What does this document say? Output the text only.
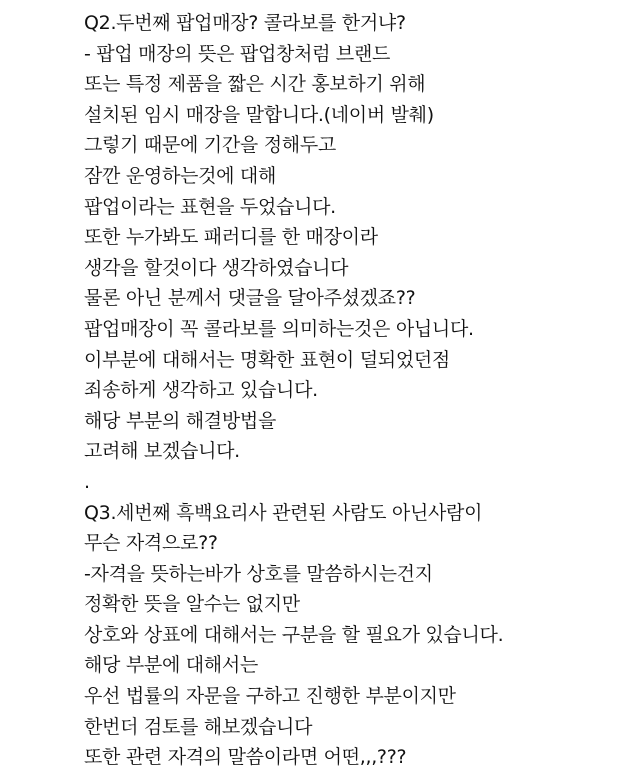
Q2.두번째 팝업매장? 콜라보를 한거냐?
- 팝업 매장의 뜻은 팝업창처럼 브랜드
또는 특정 제품을 짧은 시간 홍보하기 위해
설치된 임시 매장을 말합니다.(네이버 발췌)
그렇기 때문에 기간을 정해두고
잠깐 운영하는것에 대해
팝업이라는 표현을 두었습니다.
또한 누가봐도 패러디를 한 매장이라
생각을 할것이다 생각하였습니다
물론 아닌 분께서 댓글을 달아주셨겠죠??
팝업매장이 꼭 콜라보를 의미하는것은 아닙니다.
이부분에 대해서는 명확한 표현이 덜되었던점
죄송하게 생각하고 있습니다.
해당 부분의 해결방법을
고려해 보겠습니다.
.
Q3.세번째 흑백요리사 관련된 사람도 아닌사람이
무슨 자격으로??
-자격을 뜻하는바가 상호를 말씀하시는건지
정확한 뜻을 알수는 없지만
상호와 상표에 대해서는 구분을 할 필요가 있습니다.
해당 부분에 대해서는
우선 법률의 자문을 구하고 진행한 부분이지만
한번더 검토를 해보겠습니다
또한 관련 자격의 말씀이라면 어떤,,,???
